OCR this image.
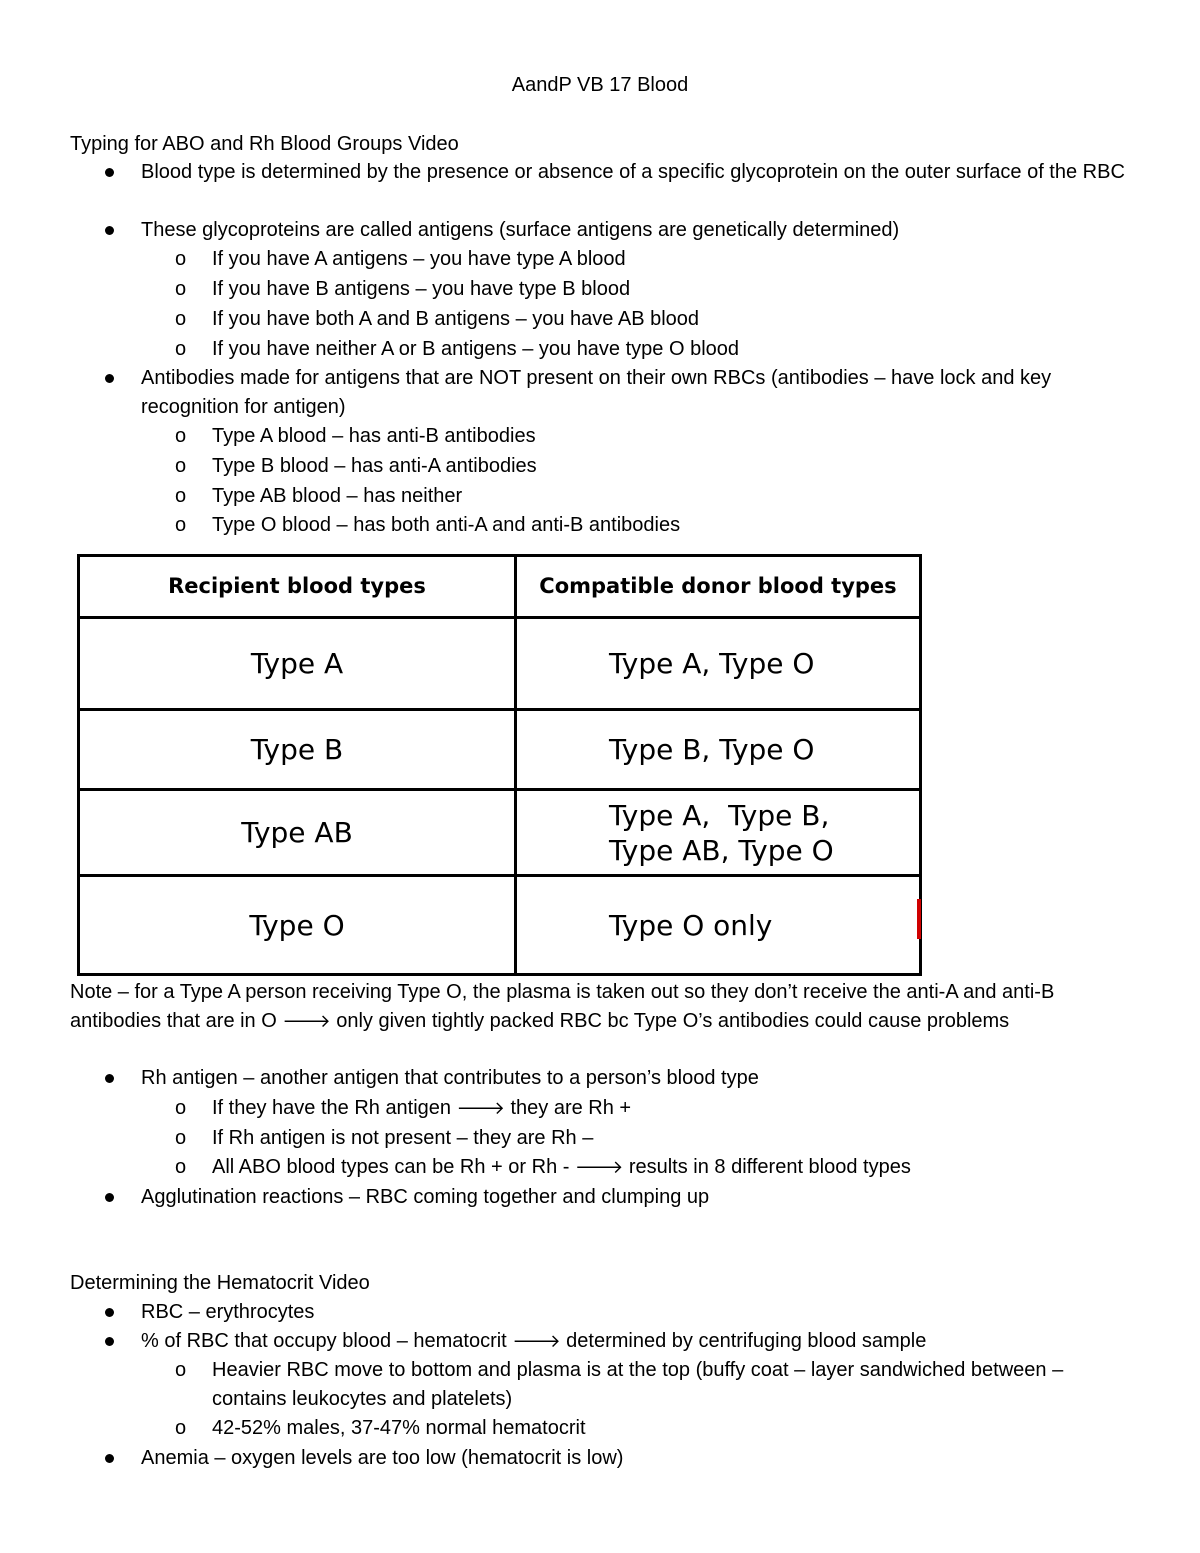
AandP VB 17 Blood
Typing for ABO and Rh Blood Groups Video
Blood type is determined by the presence or absence of a specific glycoprotein on the outer surface of the RBC
These glycoproteins are called antigens (surface antigens are genetically determined)
o If you have A antigens – you have type A blood
o If you have B antigens – you have type B blood
o If you have both A and B antigens – you have AB blood
o If you have neither A or B antigens – you have type O blood
Antibodies made for antigens that are NOT present on their own RBCs (antibodies – have lock and key recognition for antigen)
o Type A blood – has anti-B antibodies
o Type B blood – has anti-A antibodies
o Type AB blood – has neither
o Type O blood – has both anti-A and anti-B antibodies
Recipient blood types	Compatible donor blood types
Type A	Type A, Type O
Type B	Type B, Type O
Type AB	Type A,  Type B,
Type AB, Type O

Type O	Type O only
Note – for a Type A person receiving Type O, the plasma is taken out so they don’t receive the anti-A and anti-B antibodies that are in O 🡒 only given tightly packed RBC bc Type O’s antibodies could cause problems
Rh antigen – another antigen that contributes to a person’s blood type
o If they have the Rh antigen 🡒 they are Rh +
o If Rh antigen is not present – they are Rh –
o All ABO blood types can be Rh + or Rh - 🡒 results in 8 different blood types
Agglutination reactions – RBC coming together and clumping up
Determining the Hematocrit Video
RBC – erythrocytes
% of RBC that occupy blood – hematocrit 🡒 determined by centrifuging blood sample
o Heavier RBC move to bottom and plasma is at the top (buffy coat – layer sandwiched between – contains leukocytes and platelets)
o 42-52% males, 37-47% normal hematocrit
Anemia – oxygen levels are too low (hematocrit is low)
